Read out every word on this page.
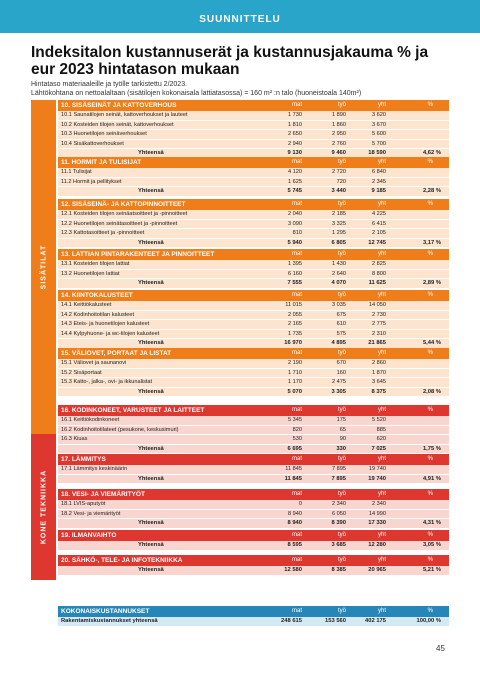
SUUNNITTELU
Indeksitalon kustannuserät ja kustannusjakauma % ja eur 2023 hintatason mukaan
Hintataso materiaaleille ja työlle tarkistettu 2/2023.
Lähtökohtana on nettoalaltaan (sisätilojen kokonaisala lattiatasossa) = 160 m² :n talo (huoneistoala 140m²)
SISÄTILAT
KONE TEKNIIKKA
10. SISÄSEINÄT JA KATTOVERHOUS	mat	työ	yht	%
10.1 Saunatilojen seinät, kattoverhoukset ja lauteet	1 730	1 890	3 620
10.2 Kosteiden tilojen seinät, kattoverhoukset	1 810	1 860	3 670
10.3 Huonetilojen seinäverhoukset	2 650	2 950	5 600
10.4 Sisäkattoverhoukset	2 940	2 760	5 700
Yhteensä	9 130	9 460	18 590	4,62 %
11. HORMIT JA TULISIJAT	mat	työ	yht	%
11.1 Tulisijat	4 120	2 720	6 840
11.2 Hormit ja pellitykset	1 625	720	2 345
Yhteensä	5 745	3 440	9 185	2,28 %
12. SISÄSEINÄ- JA KATTOPINNOITTEET	mat	työ	yht	%
12.1 Kosteiden tilojen seinäatsoitteet ja -pinnoitteet	2 040	2 185	4 225
12.2 Huonetilojen seinätasoitteet ja -pinnoitteet	3 090	3 325	6 415
12.3 Kattotasoitteet ja -pinnoitteet	810	1 295	2 105
Yhteensä	5 940	6 805	12 745	3,17 %
13. LATTIAN PINTARAKENTEET JA PINNOITTEET	mat	työ	yht	%
13.1 Kosteiden tilojen lattiat	1 395	1 430	2 825
13.2 Huonetilojen lattiat	6 160	2 640	8 800
Yhteensä	7 555	4 070	11 625	2,89 %
14. KIINTOKALUSTEET	mat	työ	yht	%
14.1 Keittiökalusteet	11 015	3 035	14 050
14.2 Kodinhoitotilan kalusteet	2 055	675	2 730
14.3 Eteis- ja huonetilojen kalusteet	2 165	610	2 775
14.4 Kylpyhuone- ja wc-tilojen kalusteet	1 735	575	2 310
Yhteensä	16 970	4 895	21 865	5,44 %
15. VÄLIOVET, PORTAAT JA LISTAT	mat	työ	yht	%
15.1 Väliovet ja saunanovi	2 190	670	2 860
15.2 Sisäportaat	1 710	160	1 870
15.3 Katto-, jalka-, ovi- ja ikkunalistat	1 170	2 475	3 645
Yhteensä	5 070	3 305	8 375	2,08 %
16. KODINKONEET, VARUSTEET JA LAITTEET	mat	työ	yht	%
16.1 Keittiökodinkoneet	5 345	175	5 520
16.2 Kodinhoitotilateet (pesukone, keskusimuri)	820	65	885
16.3 Kiuas	530	90	620
Yhteensä	6 695	330	7 025	1,75 %
17. LÄMMITYS	mat	työ	yht	%
17.1 Lämmitys keskinäärin	11 845	7 895	19 740
Yhteensä	11 845	7 895	19 740	4,91 %
18. VESI- JA VIEMÄRITYÖT	mat	työ	yht	%
18.1 LVIS-aputyöt	0	2 340	2 340
18.2 Vesi- ja viemärityöt	8 940	6 050	14 990
Yhteensä	8 940	8 390	17 330	4,31 %
19. ILMANVAIHTO	mat	työ	yht	%
Yhteensä	8 595	3 685	12 280	3,05 %
20. SÄHKÖ-, TELE- JA INFOTEKNIIKKA	mat	työ	yht	%
Yhteensä	12 580	8 385	20 965	5,21 %
KOKONAISKUSTANNUKSET	mat	työ	yht	%
Rakentamiskustannukset yhteensä	248 615	153 560	402 175	100,00 %
45
